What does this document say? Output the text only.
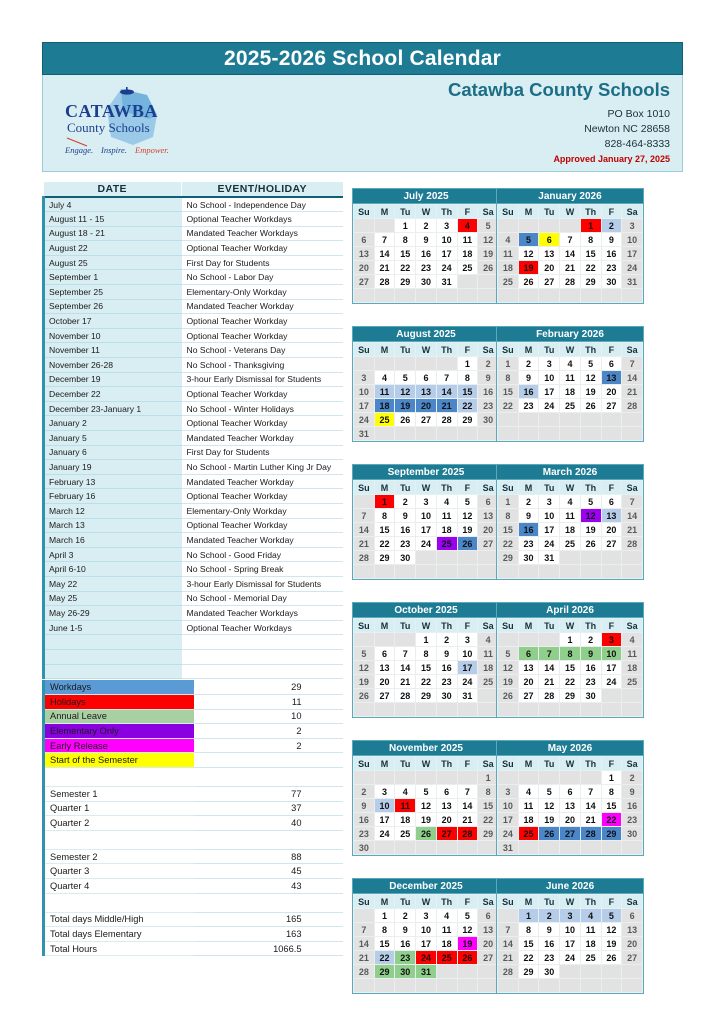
2025-2026 School Calendar
CATAWBA
County Schools
Engage. Inspire. Empower.
Catawba County Schools
PO Box 1010
Newton NC 28658
828-464-8333
Approved January 27, 2025
DATE	EVENT/HOLIDAY
July 4	No School - Independence Day
August 11 - 15	Optional Teacher Workdays
August 18 - 21	Mandated Teacher Workdays
August 22	Optional Teacher Workday
August 25	First Day for Students
September 1	No School - Labor Day
September 25	Elementary-Only Workday
September 26	Mandated Teacher Workday
October 17	Optional Teacher Workday
November 10	Optional Teacher Workday
November 11	No School - Veterans Day
November 26-28	No School - Thanksgiving
December 19	3-hour Early Dismissal for Students
December 22	Optional Teacher Workday
December 23-January 1	No School - Winter Holidays
January 2	Optional Teacher Workday
January 5	Mandated Teacher Workday
January 6	First Day for Students
January 19	No School - Martin Luther King Jr Day
February 13	Mandated Teacher Workday
February 16	Optional Teacher Workday
March 12	Elementary-Only Workday
March 13	Optional Teacher Workday
March 16	Mandated Teacher Workday
April 3	No School - Good Friday
April 6-10	No School - Spring Break
May 22	3-hour Early Dismissal for Students
May 25	No School - Memorial Day
May 26-29	Mandated Teacher Workdays
June 1-5	Optional Teacher Workdays

Workdays	29	
Holidays	11	
Annual Leave	10	
Elementary Only	2	
Early Release	2	
Start of the Semester		

Semester 1	77	
Quarter 1	37	
Quarter 2	40	

Semester 2	88	
Quarter 3	45	
Quarter 4	43	

Total days Middle/High	165	
Total days Elementary	163	
Total Hours	1066.5	
July 2025
Su	M	Tu	W	Th	F	Sa
		1	2	3	4	5
6	7	8	9	10	11	12
13	14	15	16	17	18	19
20	21	22	23	24	25	26
27	28	29	30	31		

August 2025
Su	M	Tu	W	Th	F	Sa
					1	2
3	4	5	6	7	8	9
10	11	12	13	14	15	16
17	18	19	20	21	22	23
24	25	26	27	28	29	30
31						
September 2025
Su	M	Tu	W	Th	F	Sa
	1	2	3	4	5	6
7	8	9	10	11	12	13
14	15	16	17	18	19	20
21	22	23	24	25	26	27
28	29	30				

October 2025
Su	M	Tu	W	Th	F	Sa
			1	2	3	4
5	6	7	8	9	10	11
12	13	14	15	16	17	18
19	20	21	22	23	24	25
26	27	28	29	30	31	

November 2025
Su	M	Tu	W	Th	F	Sa
						1
2	3	4	5	6	7	8
9	10	11	12	13	14	15
16	17	18	19	20	21	22
23	24	25	26	27	28	29
30						
December 2025
Su	M	Tu	W	Th	F	Sa
	1	2	3	4	5	6
7	8	9	10	11	12	13
14	15	16	17	18	19	20
21	22	23	24	25	26	27
28	29	30	31			

January 2026
Su	M	Tu	W	Th	F	Sa
				1	2	3
4	5	6	7	8	9	10
11	12	13	14	15	16	17
18	19	20	21	22	23	24
25	26	27	28	29	30	31

February 2026
Su	M	Tu	W	Th	F	Sa
1	2	3	4	5	6	7
8	9	10	11	12	13	14
15	16	17	18	19	20	21
22	23	24	25	26	27	28

March 2026
Su	M	Tu	W	Th	F	Sa
1	2	3	4	5	6	7
8	9	10	11	12	13	14
15	16	17	18	19	20	21
22	23	24	25	26	27	28
29	30	31				

April 2026
Su	M	Tu	W	Th	F	Sa
			1	2	3	4
5	6	7	8	9	10	11
12	13	14	15	16	17	18
19	20	21	22	23	24	25
26	27	28	29	30		

May 2026
Su	M	Tu	W	Th	F	Sa
					1	2
3	4	5	6	7	8	9
10	11	12	13	14	15	16
17	18	19	20	21	22	23
24	25	26	27	28	29	30
31						
June 2026
Su	M	Tu	W	Th	F	Sa
	1	2	3	4	5	6
7	8	9	10	11	12	13
14	15	16	17	18	19	20
21	22	23	24	25	26	27
28	29	30				
